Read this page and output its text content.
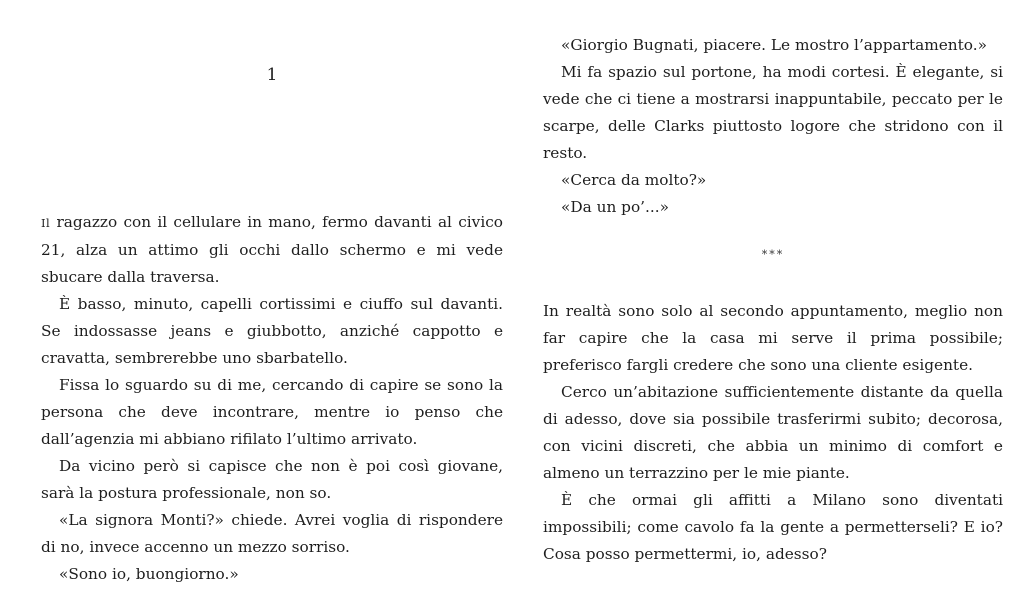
1

Il ragazzo con il cellulare in mano, fermo davanti al civico 21, alza un attimo gli occhi dallo schermo e mi vede sbucare dalla traversa.

È basso, minuto, capelli cortissimi e ciuffo sul davanti. Se indossasse jeans e giubbotto, anziché cappotto e cravatta, sembrerebbe uno sbarbatello.

Fissa lo sguardo su di me, cercando di capire se sono la persona che deve incontrare, mentre io penso che dall’agenzia mi abbiano rifilato l’ultimo arrivato.

Da vicino però si capisce che non è poi così giovane, sarà la postura professionale, non so.

«La signora Monti?» chiede. Avrei voglia di rispondere di no, invece accenno un mezzo sorriso.

«Sono io, buongiorno.»

«Giorgio Bugnati, piacere. Le mostro l’appartamento.»

Mi fa spazio sul portone, ha modi cortesi. È elegante, si vede che ci tiene a mostrarsi inappuntabile, peccato per le scarpe, delle Clarks piuttosto logore che stridono con il resto.

«Cerca da molto?»

«Da un po’...»

***

In realtà sono solo al secondo appuntamento, meglio non far capire che la casa mi serve il prima possibile; preferisco fargli credere che sono una cliente esigente.

Cerco un’abitazione sufficientemente distante da quella di adesso, dove sia possibile trasferirmi subito; decorosa, con vicini discreti, che abbia un minimo di comfort e almeno un terrazzino per le mie piante.

È che ormai gli affitti a Milano sono diventati impossibili; come cavolo fa la gente a permetterseli? E io? Cosa posso permettermi, io, adesso?
